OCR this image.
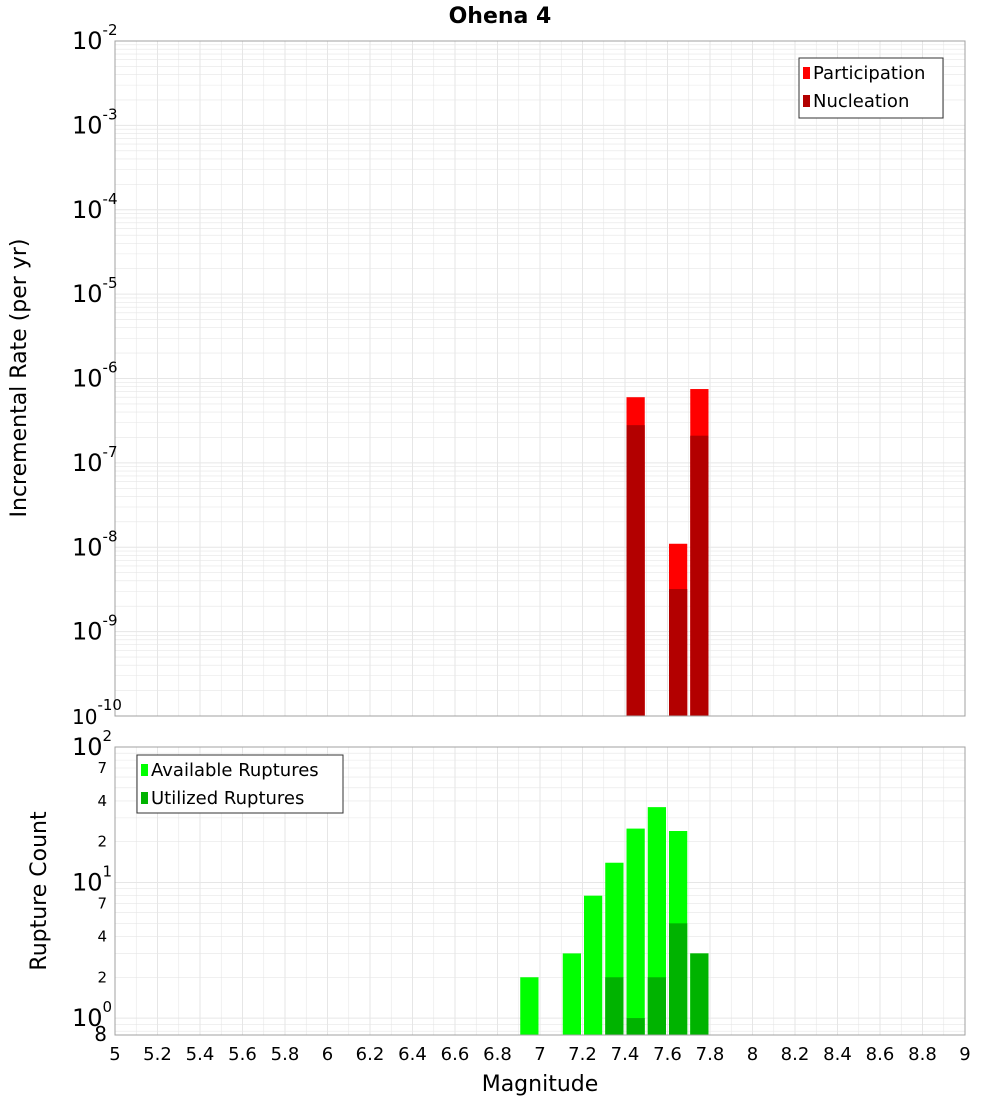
Ohena 4
$10^{-10}$
$10^{-9}$
$10^{-8}$
$10^{-7}$
$10^{-6}$
$10^{-5}$
$10^{-4}$
$10^{-3}$
$10^{-2}$
Participation
Nucleation
8
$10^0$
2
4
7
$10^1$
2
4
7
$10^2$
Available Ruptures
Utilized Ruptures
5 5.2 5.4 5.6 5.8 6 6.2 6.4 6.6 6.8 7 7.2 7.4 7.6 7.8 8 8.2 8.4 8.6 8.8 9
Magnitude
Incremental Rate (per yr)
Rupture Count
